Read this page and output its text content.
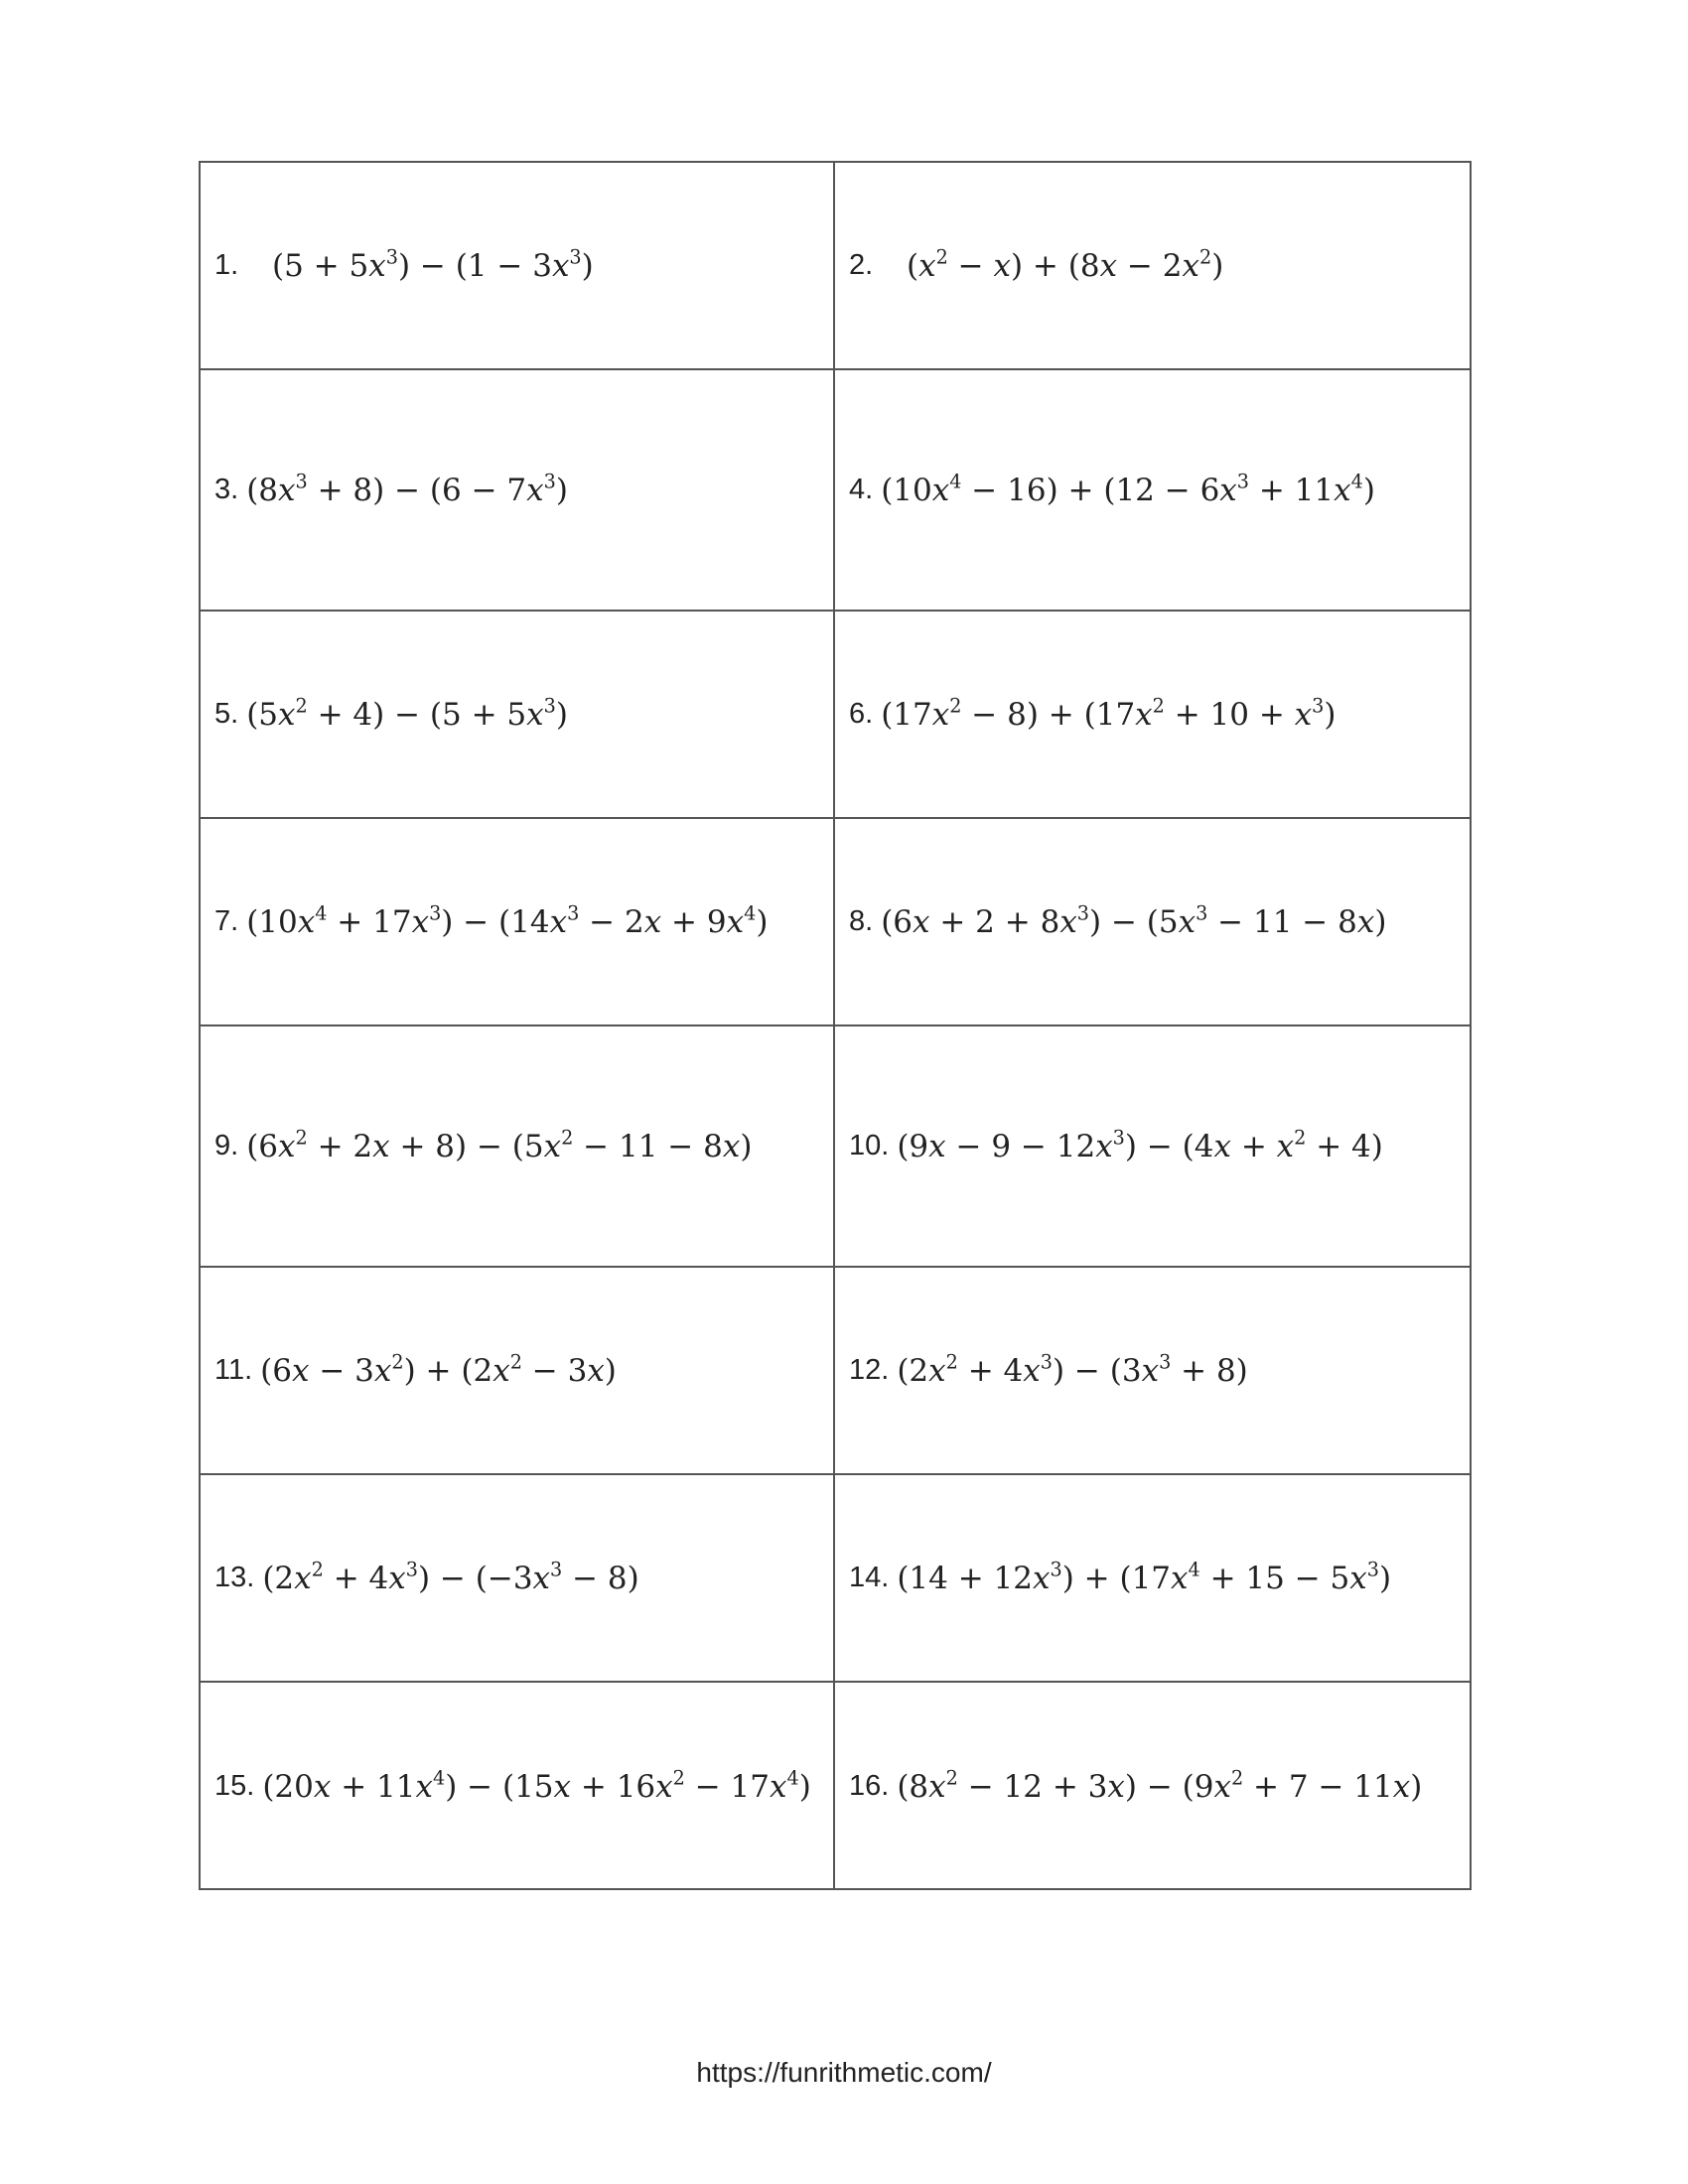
1.	$(5 + 5x^3) - (1 - 3x^3)$	2.	$(x^2 - x) + (8x - 2x^2)$
3. $(8x^3 + 8) - (6 - 7x^3)$	4. $(10x^4 - 16) + (12 - 6x^3 + 11x^4)$
5. $(5x^2 + 4) - (5 + 5x^3)$	6. $(17x^2 - 8) + (17x^2 + 10 + x^3)$
7. $(10x^4 + 17x^3) - (14x^3 - 2x + 9x^4)$	8. $(6x + 2 + 8x^3) - (5x^3 - 11 - 8x)$
9. $(6x^2 + 2x + 8) - (5x^2 - 11 - 8x)$	10. $(9x - 9 - 12x^3) - (4x + x^2 + 4)$
11. $(6x - 3x^2) + (2x^2 - 3x)$	12. $(2x^2 + 4x^3) - (3x^3 + 8)$
13. $(2x^2 + 4x^3) - (-3x^3 - 8)$	14. $(14 + 12x^3) + (17x^4 + 15 - 5x^3)$
15. $(20x + 11x^4) - (15x + 16x^2 - 17x^4)$ 16. $(8x^2 - 12 + 3x) - (9x^2 + 7 - 11x)$
https://funrithmetic.com/
